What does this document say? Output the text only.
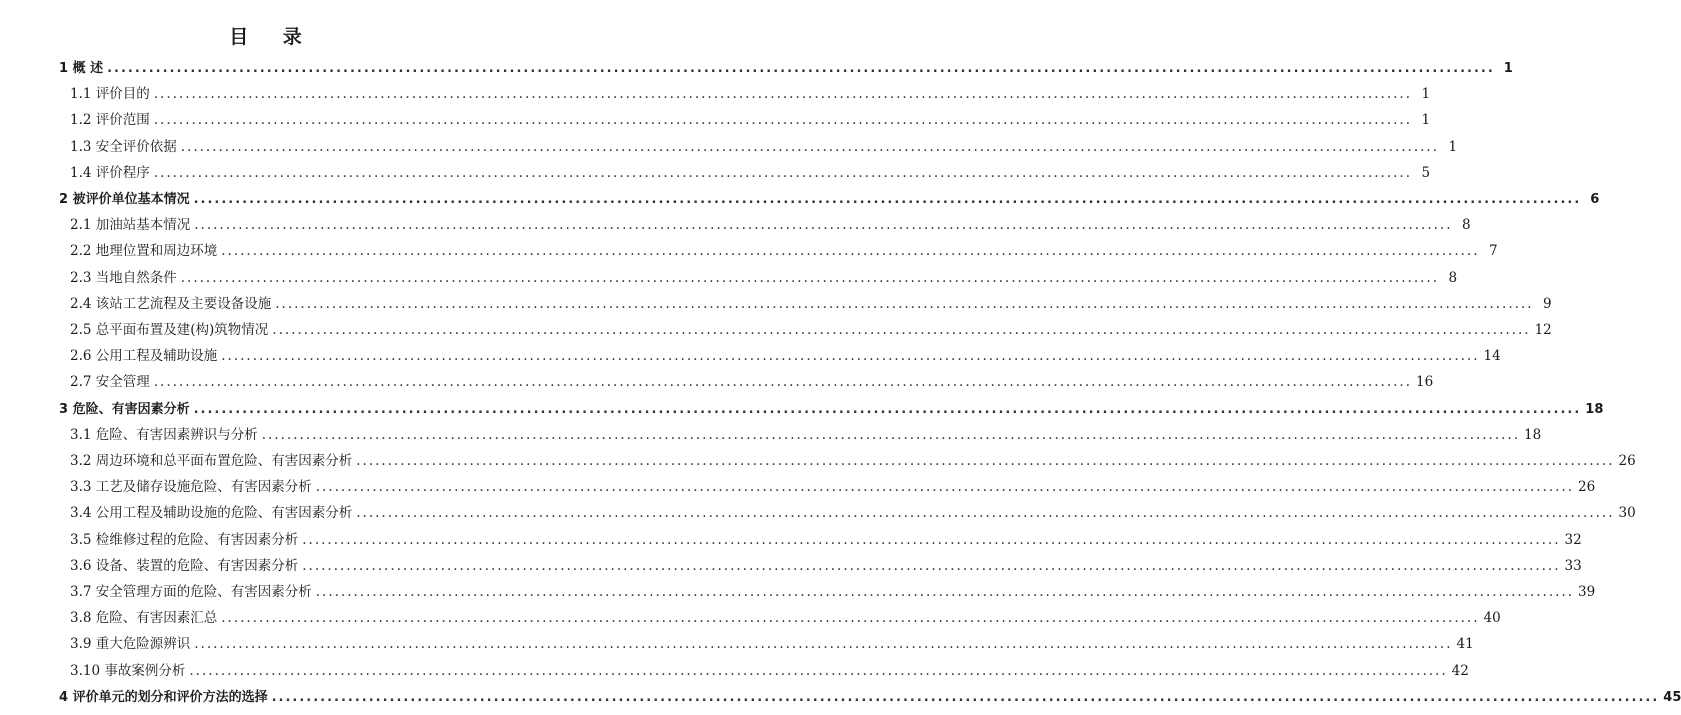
目 录
1 概 述 ........................................................................................................................................................................................................ 1
1.1 评价目的 ........................................................................................................................................................................................................ 1
1.2 评价范围 ........................................................................................................................................................................................................ 1
1.3 安全评价依据 ........................................................................................................................................................................................................ 1
1.4 评价程序 ........................................................................................................................................................................................................ 5
2 被评价单位基本情况 ........................................................................................................................................................................................................ 6
2.1 加油站基本情况 ........................................................................................................................................................................................................ 8
2.2 地理位置和周边环境 ........................................................................................................................................................................................................ 7
2.3 当地自然条件 ........................................................................................................................................................................................................ 8
2.4 该站工艺流程及主要设备设施 ........................................................................................................................................................................................................ 9
2.5 总平面布置及建(构)筑物情况 ........................................................................................................................................................................................................ 12
2.6 公用工程及辅助设施 ........................................................................................................................................................................................................ 14
2.7 安全管理 ........................................................................................................................................................................................................ 16
3 危险、有害因素分析 ........................................................................................................................................................................................................ 18
3.1 危险、有害因素辨识与分析 ........................................................................................................................................................................................................ 18
3.2 周边环境和总平面布置危险、有害因素分析 ........................................................................................................................................................................................................ 26
3.3 工艺及储存设施危险、有害因素分析 ........................................................................................................................................................................................................ 26
3.4 公用工程及辅助设施的危险、有害因素分析 ........................................................................................................................................................................................................ 30
3.5 检维修过程的危险、有害因素分析 ........................................................................................................................................................................................................ 32
3.6 设备、装置的危险、有害因素分析 ........................................................................................................................................................................................................ 33
3.7 安全管理方面的危险、有害因素分析 ........................................................................................................................................................................................................ 39
3.8 危险、有害因素汇总 ........................................................................................................................................................................................................ 40
3.9 重大危险源辨识 ........................................................................................................................................................................................................ 41
3.10 事故案例分析 ........................................................................................................................................................................................................ 42
4 评价单元的划分和评价方法的选择 ........................................................................................................................................................................................................ 45
